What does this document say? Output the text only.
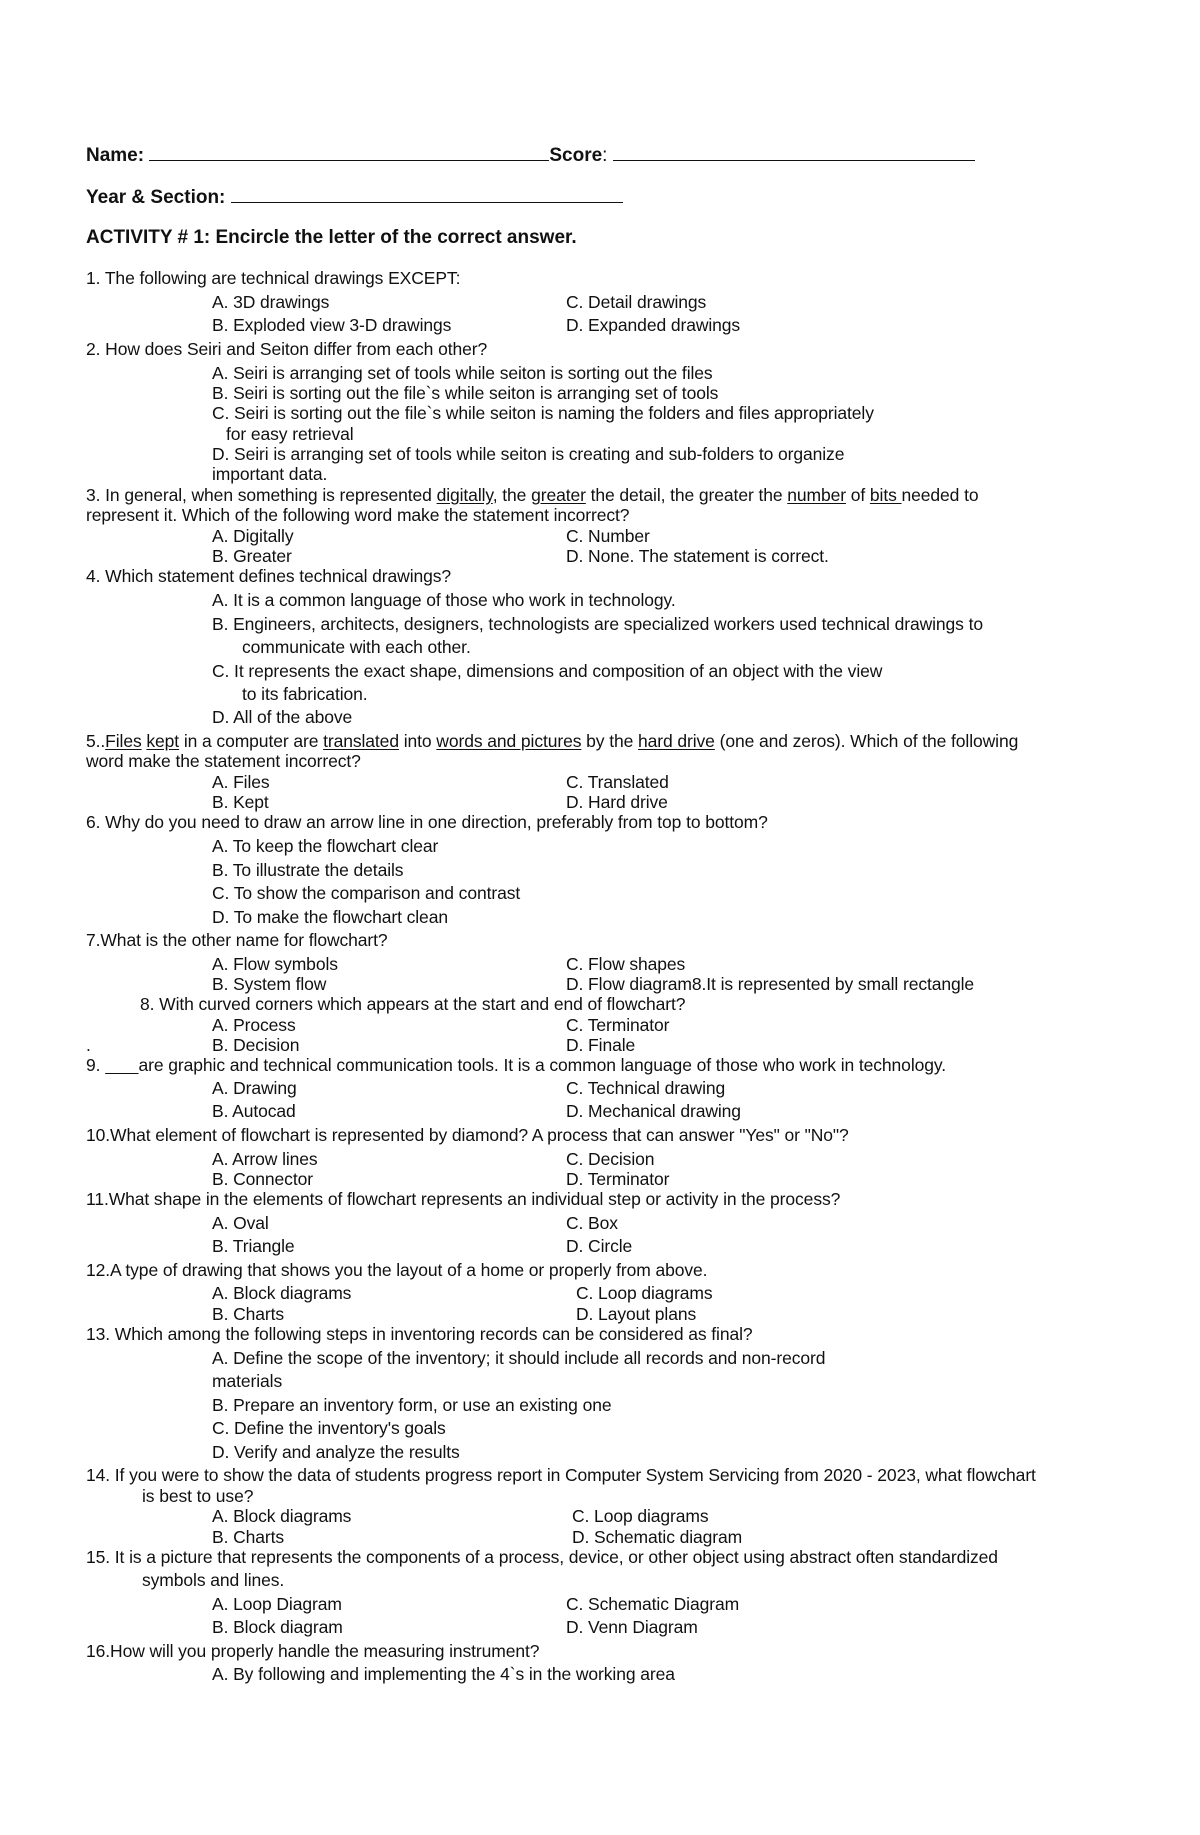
Name:	Score:
Year & Section:
ACTIVITY # 1: Encircle the letter of the correct answer.
1. The following are technical drawings EXCEPT:
A. 3D drawings	C. Detail drawings
B. Exploded view 3-D drawings	D. Expanded drawings
2. How does Seiri and Seiton differ from each other?
A. Seiri is arranging set of tools while seiton is sorting out the files
B. Seiri is sorting out the file`s while seiton is arranging set of tools
C. Seiri is sorting out the file`s while seiton is naming the folders and files appropriately
for easy retrieval
D. Seiri is arranging set of tools while seiton is creating and sub-folders to organize
important data.
3. In general, when something is represented digitally, the greater the detail, the greater the number of bits needed to
represent it. Which of the following word make the statement incorrect?
A. Digitally	C. Number
B. Greater	D. None. The statement is correct.
4. Which statement defines technical drawings?
A. It is a common language of those who work in technology.
B. Engineers, architects, designers, technologists are specialized workers used technical drawings to
communicate with each other.
C. It represents the exact shape, dimensions and composition of an object with the view
to its fabrication.
D. All of the above
5..Files kept in a computer are translated into words and pictures by the hard drive (one and zeros). Which of the following
word make the statement incorrect?
A. Files	C. Translated
B. Kept	D. Hard drive
6. Why do you need to draw an arrow line in one direction, preferably from top to bottom?
A. To keep the flowchart clear
B. To illustrate the details
C. To show the comparison and contrast
D. To make the flowchart clean
7.What is the other name for flowchart?
A. Flow symbols	C. Flow shapes
B. System flow	D. Flow diagram8.It is represented by small rectangle
8. With curved corners which appears at the start and end of flowchart?
A. Process	C. Terminator
.	B. Decision	D. Finale
9.        are graphic and technical communication tools. It is a common language of those who work in technology.
A. Drawing	C. Technical drawing
B. Autocad	D. Mechanical drawing
10.What element of flowchart is represented by diamond? A process that can answer "Yes" or "No"?
A. Arrow lines	C. Decision
B. Connector	D. Terminator
11.What shape in the elements of flowchart represents an individual step or activity in the process?
A. Oval	C. Box
B. Triangle	D. Circle
12.A type of drawing that shows you the layout of a home or properly from above.
A. Block diagrams	C. Loop diagrams
B. Charts	D. Layout plans
13. Which among the following steps in inventoring records can be considered as final?
A. Define the scope of the inventory; it should include all records and non-record
materials
B. Prepare an inventory form, or use an existing one
C. Define the inventory's goals
D. Verify and analyze the results
14. If you were to show the data of students progress report in Computer System Servicing from 2020 - 2023, what flowchart
is best to use?
A. Block diagrams	C. Loop diagrams
B. Charts	D. Schematic diagram
15. It is a picture that represents the components of a process, device, or other object using abstract often standardized
symbols and lines.
A. Loop Diagram	C. Schematic Diagram
B. Block diagram	D. Venn Diagram
16.How will you properly handle the measuring instrument?
A. By following and implementing the 4`s in the working area
